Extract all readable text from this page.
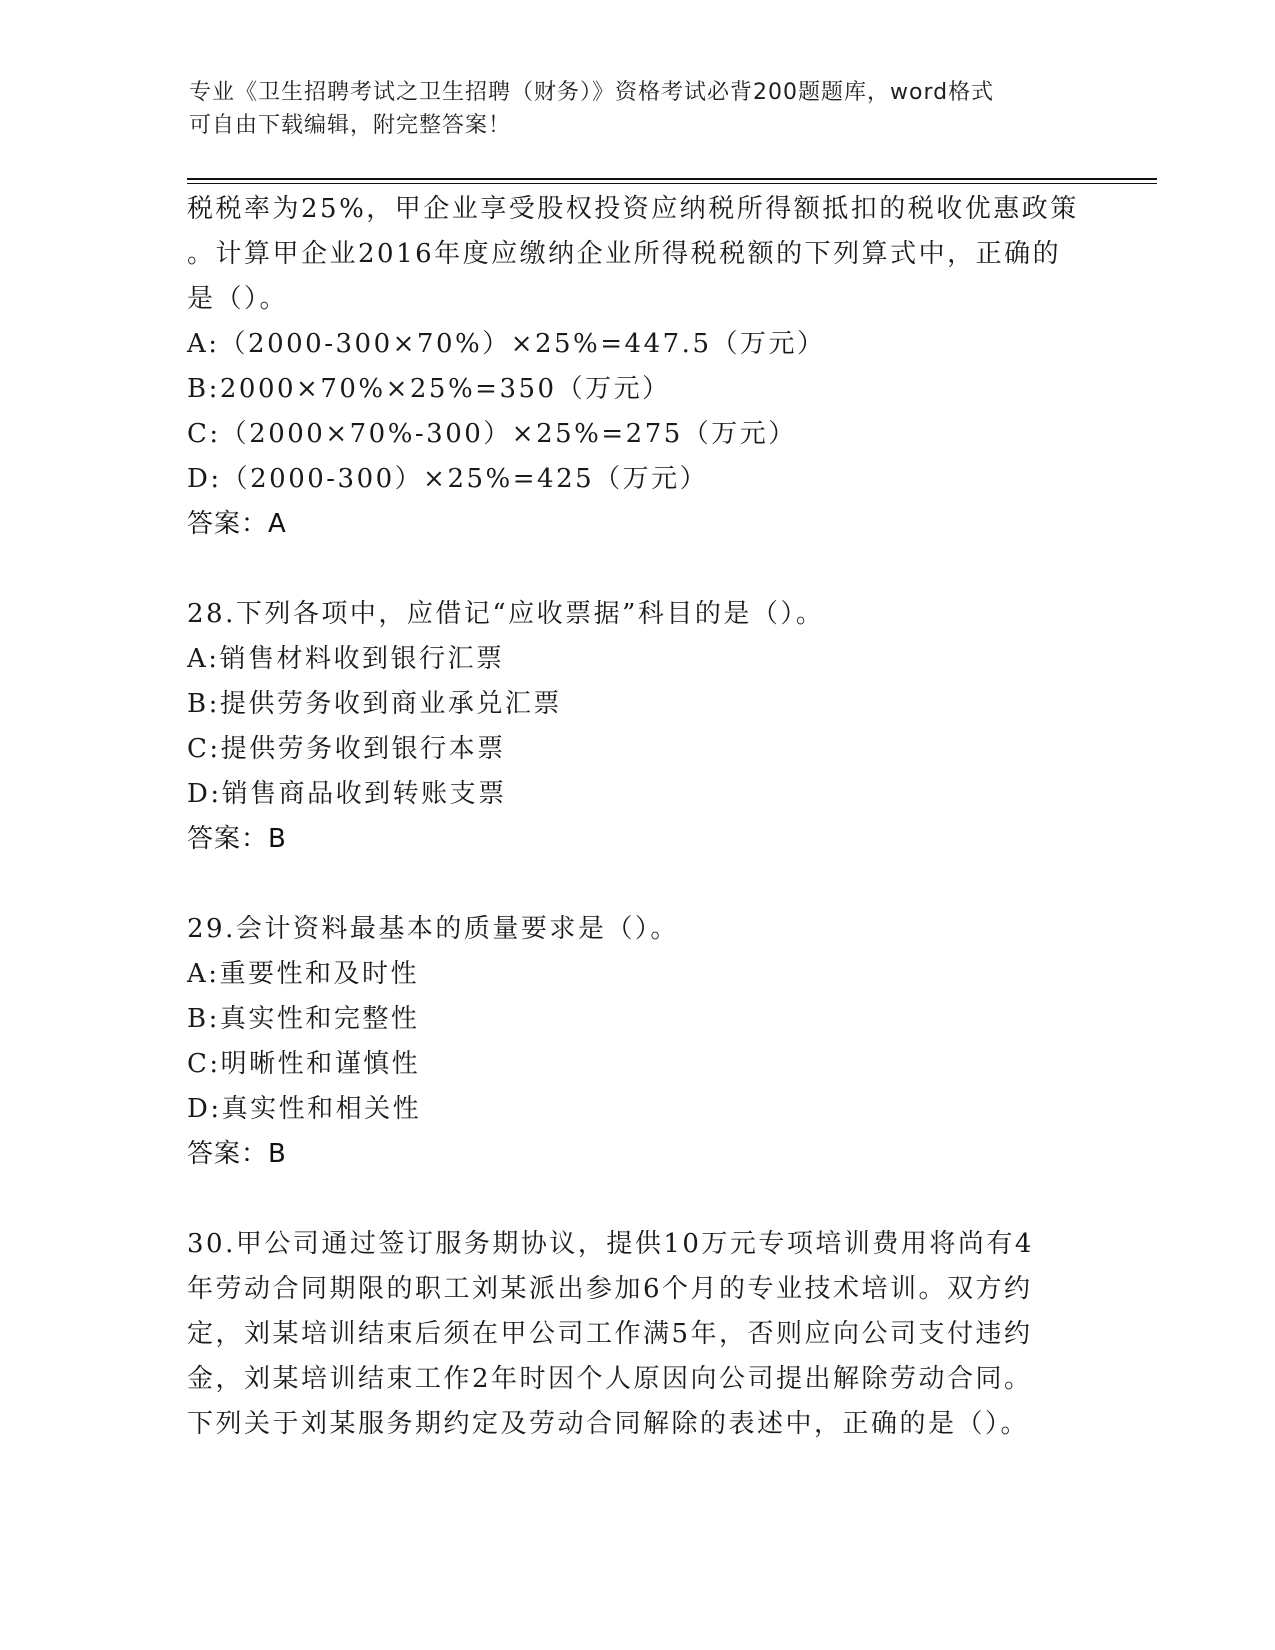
专业《卫生招聘考试之卫生招聘（财务）》资格考试必背200题题库，word格式
可自由下载编辑，附完整答案！
税税率为25%，甲企业享受股权投资应纳税所得额抵扣的税收优惠政策
。计算甲企业2016年度应缴纳企业所得税税额的下列算式中，正确的
是（）。
A:（2000-300×70%）×25%=447.5（万元）
B:2000×70%×25%=350（万元）
C:（2000×70%-300）×25%=275（万元）
D:（2000-300）×25%=425（万元）
答案：A
28.下列各项中，应借记“应收票据”科目的是（）。
A:销售材料收到银行汇票
B:提供劳务收到商业承兑汇票
C:提供劳务收到银行本票
D:销售商品收到转账支票
答案：B
29.会计资料最基本的质量要求是（）。
A:重要性和及时性
B:真实性和完整性
C:明晰性和谨慎性
D:真实性和相关性
答案：B
30.甲公司通过签订服务期协议，提供10万元专项培训费用将尚有4
年劳动合同期限的职工刘某派出参加6个月的专业技术培训。双方约
定，刘某培训结束后须在甲公司工作满5年，否则应向公司支付违约
金，刘某培训结束工作2年时因个人原因向公司提出解除劳动合同。
下列关于刘某服务期约定及劳动合同解除的表述中，正确的是（）。
